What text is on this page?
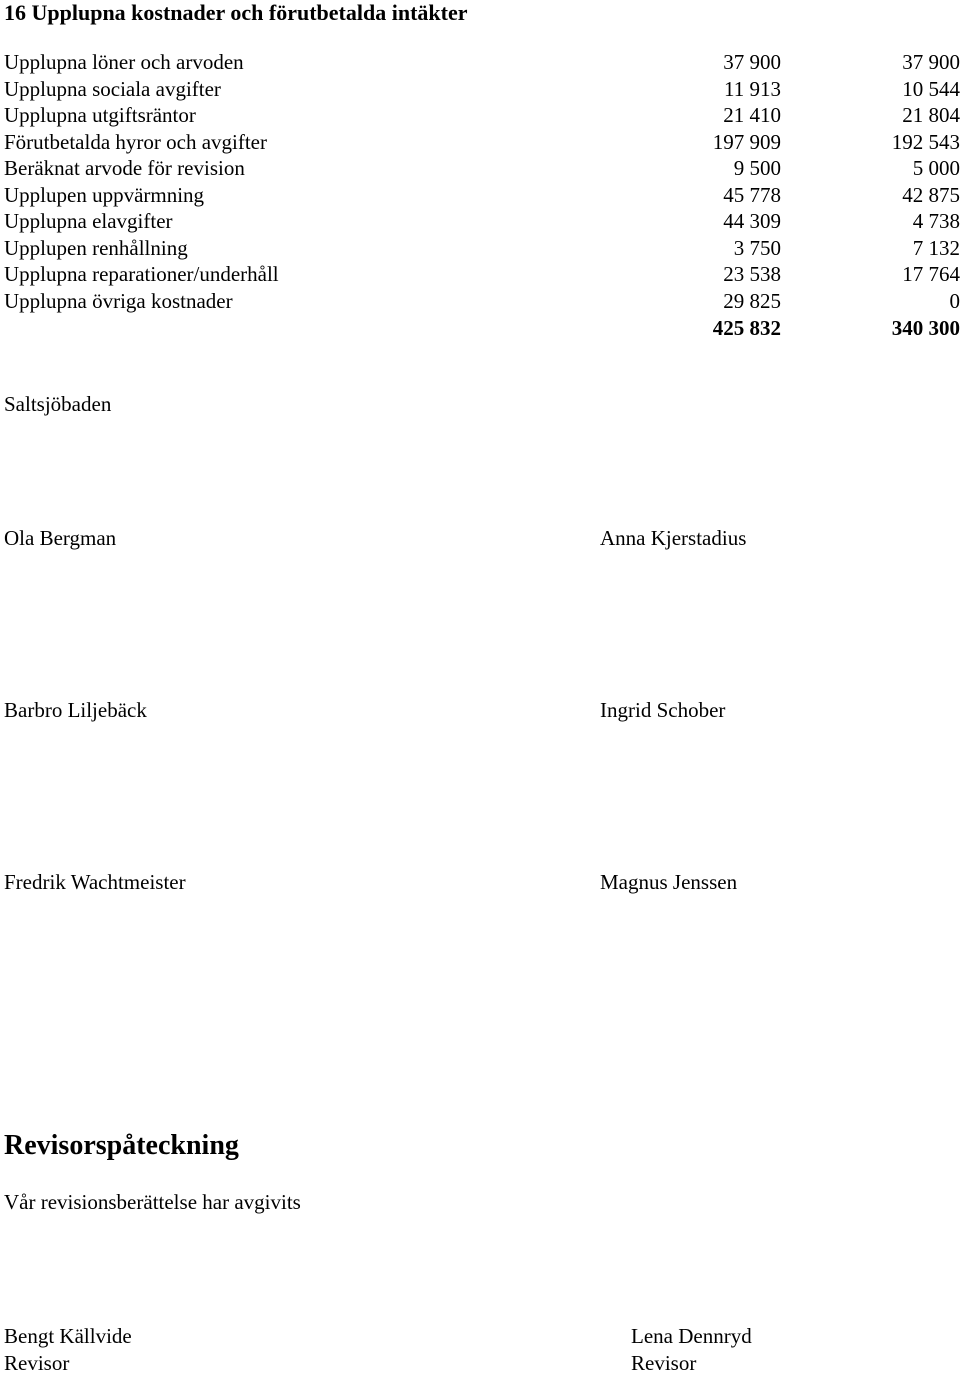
16 Upplupna kostnader och förutbetalda intäkter
Upplupna löner och arvoden	37 900	37 900
Upplupna sociala avgifter	11 913	10 544
Upplupna utgiftsräntor	21 410	21 804
Förutbetalda hyror och avgifter	197 909	192 543
Beräknat arvode för revision	9 500	5 000
Upplupen uppvärmning	45 778	42 875
Upplupna elavgifter	44 309	4 738
Upplupen renhållning	3 750	7 132
Upplupna reparationer/underhåll	23 538	17 764
Upplupna övriga kostnader	29 825	0
425 832	340 300
Saltsjöbaden
Ola Bergman	Anna Kjerstadius
Barbro Liljebäck	Ingrid Schober
Fredrik Wachtmeister	Magnus Jenssen
Revisorspåteckning
Vår revisionsberättelse har avgivits
Bengt Källvide
Revisor
Lena Dennryd
Revisor
